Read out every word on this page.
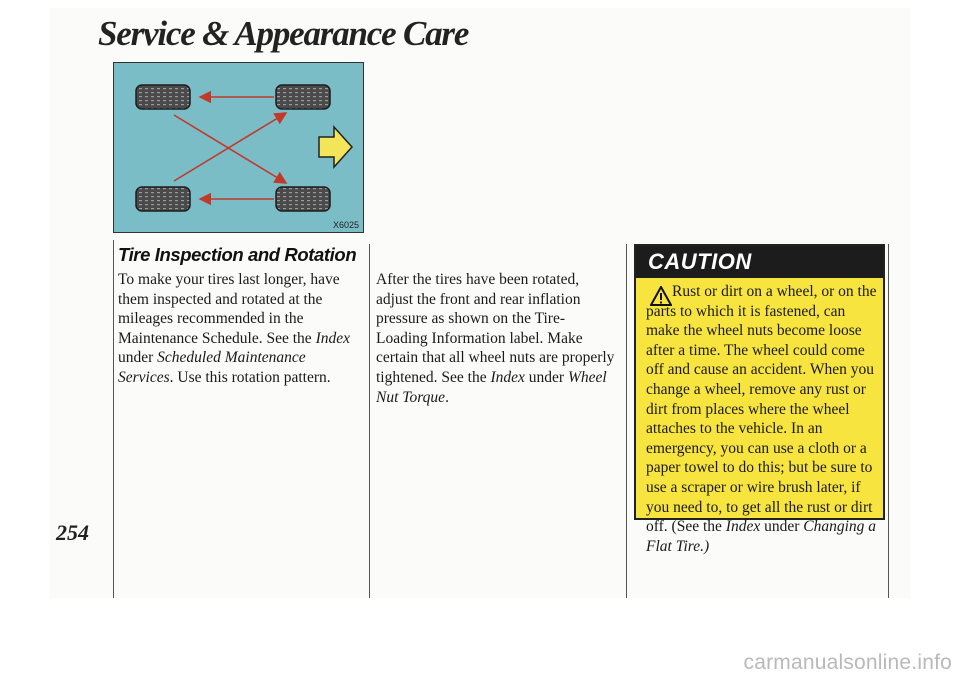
Service & Appearance Care
X6025
Tire Inspection and Rotation
To make your tires last longer, have them inspected and rotated at the mileages recommended in the Maintenance Schedule. See the Index under Scheduled Maintenance Services. Use this rotation pattern.
After the tires have been rotated, adjust the front and rear inflation pressure as shown on the Tire-Loading Information label. Make certain that all wheel nuts are properly tightened. See the Index under Wheel Nut Torque.
CAUTION
Rust or dirt on a wheel, or on the parts to which it is fastened, can make the wheel nuts become loose after a time. The wheel could come off and cause an accident. When you change a wheel, remove any rust or dirt from places where the wheel attaches to the vehicle. In an emergency, you can use a cloth or a paper towel to do this; but be sure to use a scraper or wire brush later, if you need to, to get all the rust or dirt off. (See the Index under Changing a Flat Tire.)
254
carmanualsonline.info
